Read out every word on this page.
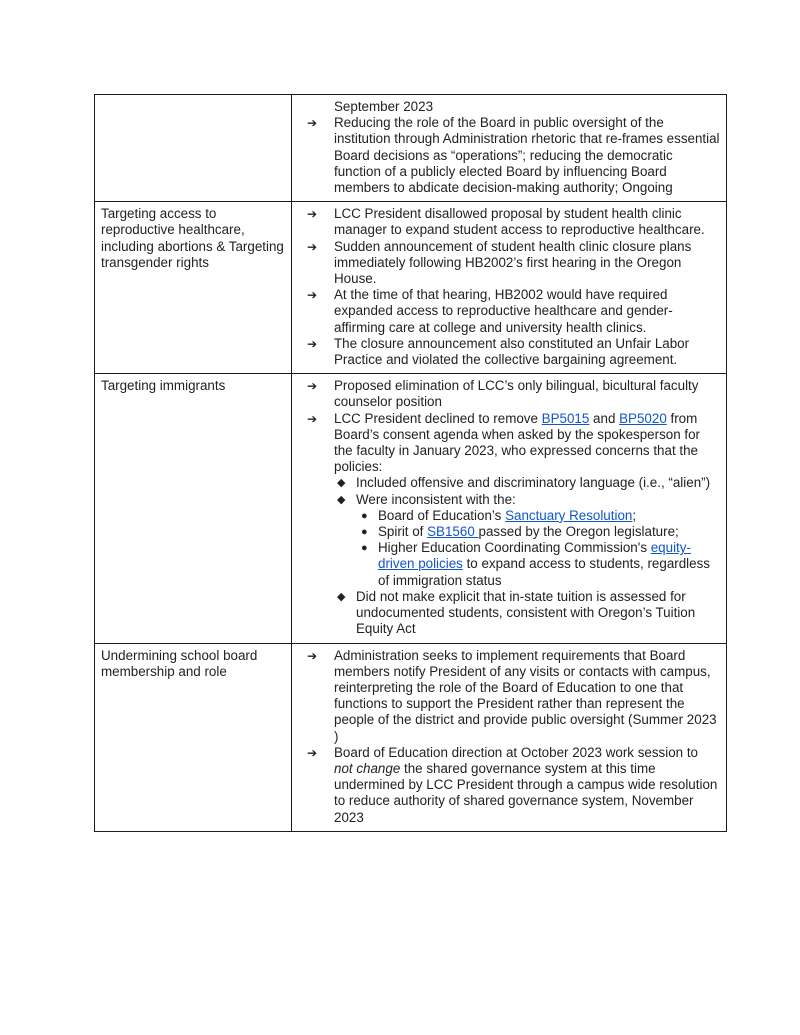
September 2023
➔ Reducing the role of the Board in public oversight of the institution through Administration rhetoric that re-frames essential Board decisions as “operations”; reducing the democratic function of a publicly elected Board by influencing Board members to abdicate decision-making authority; Ongoing

Targeting access to reproductive healthcare, including abortions & Targeting transgender rights	
➔ LCC President disallowed proposal by student health clinic manager to expand student access to reproductive healthcare.
➔ Sudden announcement of student health clinic closure plans immediately following HB2002’s first hearing in the Oregon House.
➔ At the time of that hearing, HB2002 would have required expanded access to reproductive healthcare and gender-affirming care at college and university health clinics.
➔ The closure announcement also constituted an Unfair Labor Practice and violated the collective bargaining agreement.

Targeting immigrants	➔ Proposed elimination of LCC’s only bilingual, bicultural faculty counselor position
➔ LCC President declined to remove BP5015 and BP5020 from Board’s consent agenda when asked by the spokesperson for the faculty in January 2023, who expressed concerns that the policies:
◆ Included offensive and discriminatory language (i.e., “alien”)
◆ Were inconsistent with the:
● Board of Education’s Sanctuary Resolution;
● Spirit of SB1560 passed by the Oregon legislature;
● Higher Education Coordinating Commission's equity-driven policies to expand access to students, regardless of immigration status
◆ Did not make explicit that in-state tuition is assessed for undocumented students, consistent with Oregon’s Tuition Equity Act

Undermining school board membership and role	
➔ Administration seeks to implement requirements that Board members notify President of any visits or contacts with campus, reinterpreting the role of the Board of Education to one that functions to support the President rather than represent the people of the district and provide public oversight (Summer 2023 )
➔ Board of Education direction at October 2023 work session to not change the shared governance system at this time undermined by LCC President through a campus wide resolution to reduce authority of shared governance system, November 2023
